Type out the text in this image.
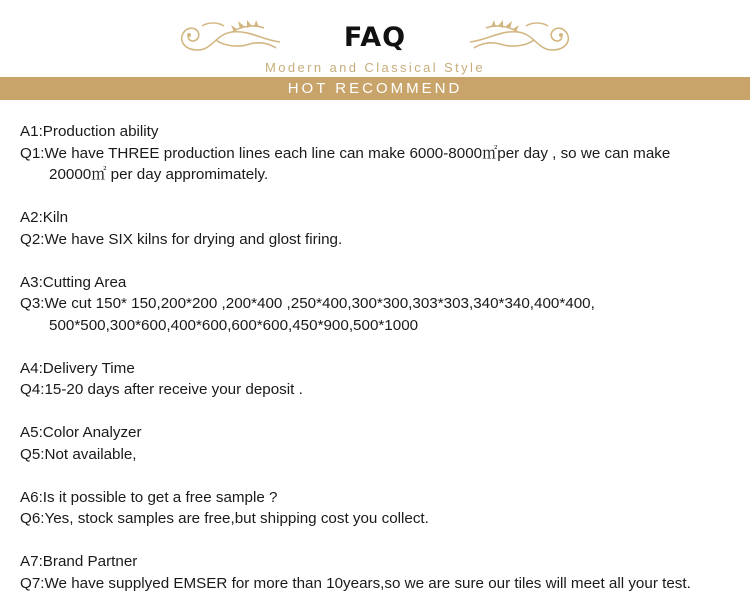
FAQ
Modern and Classical Style
HOT RECOMMEND
A1:Production ability
Q1:We have THREE production lines each line can make 6000-8000㎡per day , so we can make
20000㎡ per day appromimately.
A2:Kiln
Q2:We have SIX kilns for drying and glost firing.
A3:Cutting Area
Q3:We cut 150* 150,200*200 ,200*400 ,250*400,300*300,303*303,340*340,400*400,
500*500,300*600,400*600,600*600,450*900,500*1000
A4:Delivery Time
Q4:15-20 days after receive your deposit .
A5:Color Analyzer
Q5:Not available,
A6:Is it possible to get a free sample ?
Q6:Yes, stock samples are free,but shipping cost you collect.
A7:Brand Partner
Q7:We have supplyed EMSER for more than 10years,so we are sure our tiles will meet all your test.
